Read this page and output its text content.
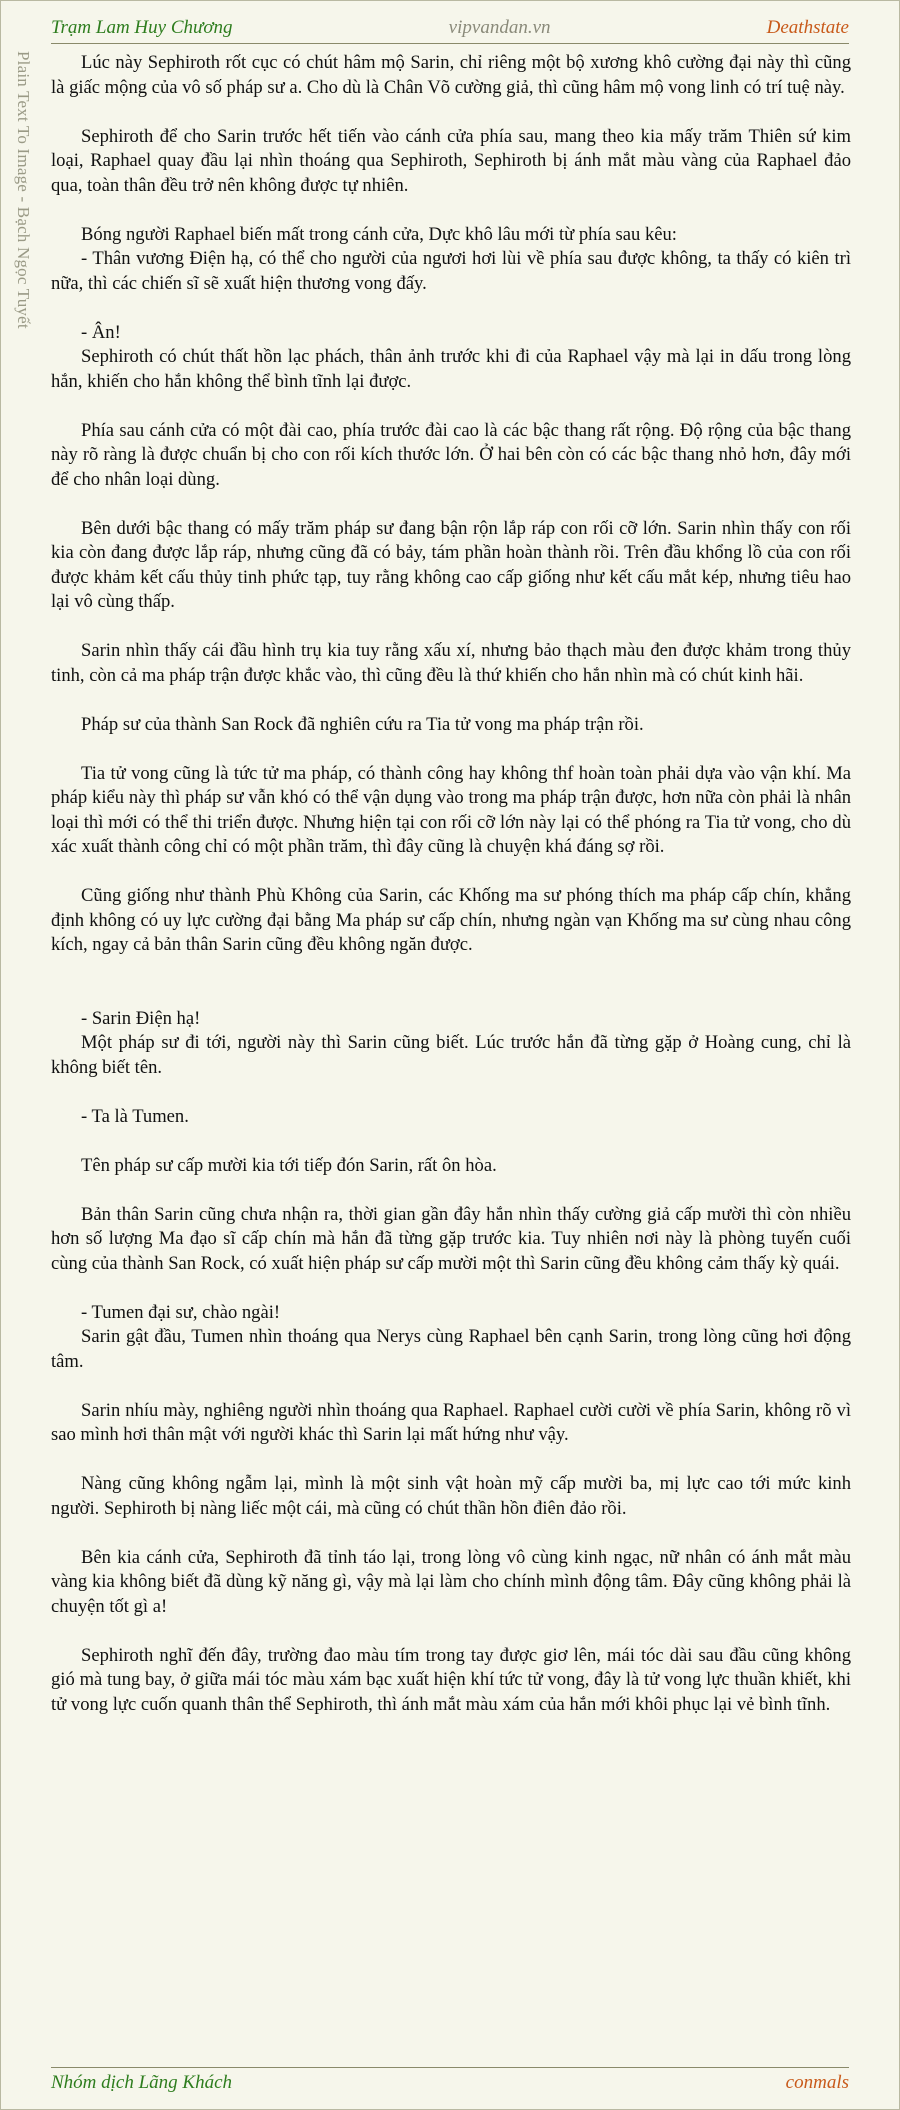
Trạm Lam Huy Chương	vipvandan.vn	Deathstate
Plain Text To Image - Bạch Ngọc Tuyết	Lúc này Sephiroth rốt cục có chút hâm mộ Sarin, chỉ riêng một bộ xương khô cường đại này thì cũng là giấc mộng của vô số pháp sư a. Cho dù là Chân Võ cường giả, thì cũng hâm mộ vong linh có trí tuệ này.

Sephiroth để cho Sarin trước hết tiến vào cánh cửa phía sau, mang theo kia mấy trăm Thiên sứ kim loại, Raphael quay đầu lại nhìn thoáng qua Sephiroth, Sephiroth bị ánh mắt màu vàng của Raphael đảo qua, toàn thân đều trở nên không được tự nhiên.

Bóng người Raphael biến mất trong cánh cửa, Dực khô lâu mới từ phía sau kêu:
- Thân vương Điện hạ, có thể cho người của ngươi hơi lùi về phía sau được không, ta thấy có kiên trì nữa, thì các chiến sĩ sẽ xuất hiện thương vong đấy.

- Ân!
Sephiroth có chút thất hồn lạc phách, thân ảnh trước khi đi của Raphael vậy mà lại in dấu trong lòng hắn, khiến cho hắn không thể bình tĩnh lại được.

Phía sau cánh cửa có một đài cao, phía trước đài cao là các bậc thang rất rộng. Độ rộng của bậc thang này rõ ràng là được chuẩn bị cho con rối kích thước lớn. Ở hai bên còn có các bậc thang nhỏ hơn, đây mới để cho nhân loại dùng.

Bên dưới bậc thang có mấy trăm pháp sư đang bận rộn lắp ráp con rối cỡ lớn. Sarin nhìn thấy con rối kia còn đang được lắp ráp, nhưng cũng đã có bảy, tám phần hoàn thành rồi. Trên đầu khổng lồ của con rối được khảm kết cấu thủy tinh phức tạp, tuy rằng không cao cấp giống như kết cấu mắt kép, nhưng tiêu hao lại vô cùng thấp.

Sarin nhìn thấy cái đầu hình trụ kia tuy rằng xấu xí, nhưng bảo thạch màu đen được khảm trong thủy tinh, còn cả ma pháp trận được khắc vào, thì cũng đều là thứ khiến cho hắn nhìn mà có chút kinh hãi.

Pháp sư của thành San Rock đã nghiên cứu ra Tia tử vong ma pháp trận rồi.

Tia tử vong cũng là tức tử ma pháp, có thành công hay không thf hoàn toàn phải dựa vào vận khí. Ma pháp kiểu này thì pháp sư vẫn khó có thể vận dụng vào trong ma pháp trận được, hơn nữa còn phải là nhân loại thì mới có thể thi triển được. Nhưng hiện tại con rối cỡ lớn này lại có thể phóng ra Tia tử vong, cho dù xác xuất thành công chỉ có một phần trăm, thì đây cũng là chuyện khá đáng sợ rồi.

Cũng giống như thành Phù Không của Sarin, các Khống ma sư phóng thích ma pháp cấp chín, khẳng định không có uy lực cường đại bằng Ma pháp sư cấp chín, nhưng ngàn vạn Khống ma sư cùng nhau công kích, ngay cả bản thân Sarin cũng đều không ngăn được.

- Sarin Điện hạ!
Một pháp sư đi tới, người này thì Sarin cũng biết. Lúc trước hắn đã từng gặp ở Hoàng cung, chỉ là không biết tên.

- Ta là Tumen.

Tên pháp sư cấp mười kia tới tiếp đón Sarin, rất ôn hòa.

Bản thân Sarin cũng chưa nhận ra, thời gian gần đây hắn nhìn thấy cường giả cấp mười thì còn nhiều hơn số lượng Ma đạo sĩ cấp chín mà hắn đã từng gặp trước kia. Tuy nhiên nơi này là phòng tuyến cuối cùng của thành San Rock, có xuất hiện pháp sư cấp mười một thì Sarin cũng đều không cảm thấy kỳ quái.

- Tumen đại sư, chào ngài!
Sarin gật đầu, Tumen nhìn thoáng qua Nerys cùng Raphael bên cạnh Sarin, trong lòng cũng hơi động tâm.

Sarin nhíu mày, nghiêng người nhìn thoáng qua Raphael. Raphael cười cười về phía Sarin, không rõ vì sao mình hơi thân mật với người khác thì Sarin lại mất hứng như vậy.

Nàng cũng không ngẫm lại, mình là một sinh vật hoàn mỹ cấp mười ba, mị lực cao tới mức kinh người. Sephiroth bị nàng liếc một cái, mà cũng có chút thần hồn điên đảo rồi.

Bên kia cánh cửa, Sephiroth đã tỉnh táo lại, trong lòng vô cùng kinh ngạc, nữ nhân có ánh mắt màu vàng kia không biết đã dùng kỹ năng gì, vậy mà lại làm cho chính mình động tâm. Đây cũng không phải là chuyện tốt gì a!

Sephiroth nghĩ đến đây, trường đao màu tím trong tay được giơ lên, mái tóc dài sau đầu cũng không gió mà tung bay, ở giữa mái tóc màu xám bạc xuất hiện khí tức tử vong, đây là tử vong lực thuần khiết, khi tử vong lực cuốn quanh thân thể Sephiroth, thì ánh mắt màu xám của hắn mới khôi phục lại vẻ bình tĩnh.

Nhóm dịch Lãng Khách	conmals
